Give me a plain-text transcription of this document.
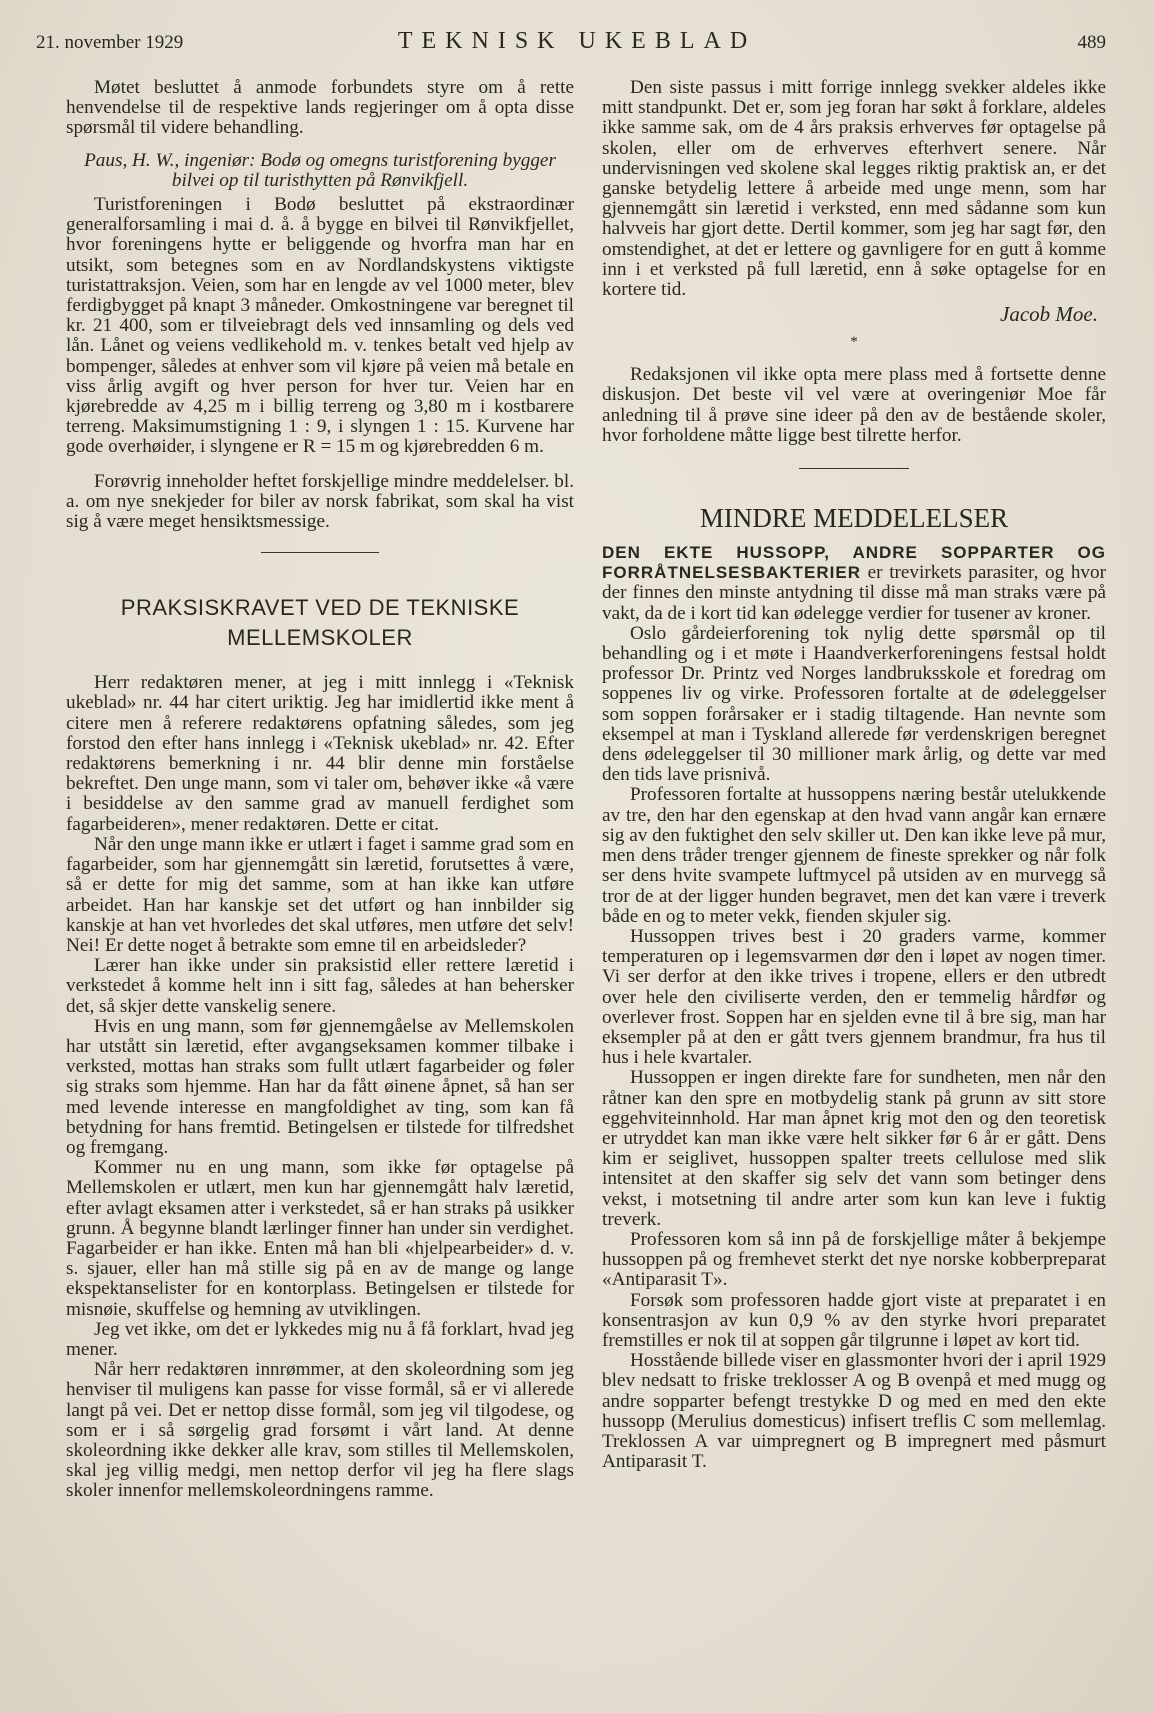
21. november 1929	TEKNISK UKEBLAD	489

Møtet besluttet å anmode forbundets styre om å rette henvendelse til de respektive lands regjeringer om å opta disse spørsmål til videre behandling.

Paus, H. W., ingeniør: Bodø og omegns turistforening bygger bilvei op til turisthytten på Rønvikfjell.

Turistforeningen i Bodø besluttet på ekstraordinær generalforsamling i mai d. å. å bygge en bilvei til Rønvikfjellet, hvor foreningens hytte er beliggende og hvorfra man har en utsikt, som betegnes som en av Nordlandskystens viktigste turistattraksjon. Veien, som har en lengde av vel 1000 meter, blev ferdigbygget på knapt 3 måneder. Omkostningene var beregnet til kr. 21 400, som er tilveiebragt dels ved innsamling og dels ved lån. Lånet og veiens vedlikehold m. v. tenkes betalt ved hjelp av bompenger, således at enhver som vil kjøre på veien må betale en viss årlig avgift og hver person for hver tur. Veien har en kjørebredde av 4,25 m i billig terreng og 3,80 m i kostbarere terreng. Maksimumstigning 1 : 9, i slyngen 1 : 15. Kurvene har gode overhøider, i slyngene er R = 15 m og kjørebredden 6 m.

Forøvrig inneholder heftet forskjellige mindre meddelelser. bl. a. om nye snekjeder for biler av norsk fabrikat, som skal ha vist sig å være meget hensiktsmessige.

PRAKSISKRAVET VED DE TEKNISKE MELLEMSKOLER

Herr redaktøren mener, at jeg i mitt innlegg i «Teknisk ukeblad» nr. 44 har citert uriktig. Jeg har imidlertid ikke ment å citere men å referere redaktørens opfatning således, som jeg forstod den efter hans innlegg i «Teknisk ukeblad» nr. 42. Efter redaktørens bemerkning i nr. 44 blir denne min forståelse bekreftet. Den unge mann, som vi taler om, behøver ikke «å være i besiddelse av den samme grad av manuell ferdighet som fagarbeideren», mener redaktøren. Dette er citat.

Når den unge mann ikke er utlært i faget i samme grad som en fagarbeider, som har gjennemgått sin læretid, forutsettes å være, så er dette for mig det samme, som at han ikke kan utføre arbeidet. Han har kanskje set det utført og han innbilder sig kanskje at han vet hvorledes det skal utføres, men utføre det selv! Nei! Er dette noget å betrakte som emne til en arbeidsleder?

Lærer han ikke under sin praksistid eller rettere læretid i verkstedet å komme helt inn i sitt fag, således at han behersker det, så skjer dette vanskelig senere.

Hvis en ung mann, som før gjennemgåelse av Mellemskolen har utstått sin læretid, efter avgangseksamen kommer tilbake i verksted, mottas han straks som fullt utlært fagarbeider og føler sig straks som hjemme. Han har da fått øinene åpnet, så han ser med levende interesse en mangfoldighet av ting, som kan få betydning for hans fremtid. Betingelsen er tilstede for tilfredshet og fremgang.

Kommer nu en ung mann, som ikke før optagelse på Mellemskolen er utlært, men kun har gjennemgått halv læretid, efter avlagt eksamen atter i verkstedet, så er han straks på usikker grunn. Å begynne blandt lærlinger finner han under sin verdighet. Fagarbeider er han ikke. Enten må han bli «hjelpearbeider» d. v. s. sjauer, eller han må stille sig på en av de mange og lange ekspektanselister for en kontorplass. Betingelsen er tilstede for misnøie, skuffelse og hemning av utviklingen.

Jeg vet ikke, om det er lykkedes mig nu å få forklart, hvad jeg mener.

Når herr redaktøren innrømmer, at den skoleordning som jeg henviser til muligens kan passe for visse formål, så er vi allerede langt på vei. Det er nettop disse formål, som jeg vil tilgodese, og som er i så sørgelig grad forsømt i vårt land. At denne skoleordning ikke dekker alle krav, som stilles til Mellemskolen, skal jeg villig medgi, men nettop derfor vil jeg ha flere slags skoler innenfor mellemskoleordningens ramme.

Den siste passus i mitt forrige innlegg svekker aldeles ikke mitt standpunkt. Det er, som jeg foran har søkt å forklare, aldeles ikke samme sak, om de 4 års praksis erhverves før optagelse på skolen, eller om de erhverves efterhvert senere. Når undervisningen ved skolene skal legges riktig praktisk an, er det ganske betydelig lettere å arbeide med unge menn, som har gjennemgått sin læretid i verksted, enn med sådanne som kun halvveis har gjort dette. Dertil kommer, som jeg har sagt før, den omstendighet, at det er lettere og gavnligere for en gutt å komme inn i et verksted på full læretid, enn å søke optagelse for en kortere tid.

Jacob Moe.

*

Redaksjonen vil ikke opta mere plass med å fortsette denne diskusjon. Det beste vil vel være at overingeniør Moe får anledning til å prøve sine ideer på den av de bestående skoler, hvor forholdene måtte ligge best tilrette herfor.

MINDRE MEDDELELSER

DEN EKTE HUSSOPP, ANDRE SOPPARTER OG FORRÅTNELSESBAKTERIER er trevirkets parasiter, og hvor der finnes den minste antydning til disse må man straks være på vakt, da de i kort tid kan ødelegge verdier for tusener av kroner.

Oslo gårdeierforening tok nylig dette spørsmål op til behandling og i et møte i Haandverkerforeningens festsal holdt professor Dr. Printz ved Norges landbruksskole et foredrag om soppenes liv og virke. Professoren fortalte at de ødeleggelser som soppen forårsaker er i stadig tiltagende. Han nevnte som eksempel at man i Tyskland allerede før verdenskrigen beregnet dens ødeleggelser til 30 millioner mark årlig, og dette var med den tids lave prisnivå.

Professoren fortalte at hussoppens næring består utelukkende av tre, den har den egenskap at den hvad vann angår kan ernære sig av den fuktighet den selv skiller ut. Den kan ikke leve på mur, men dens tråder trenger gjennem de fineste sprekker og når folk ser dens hvite svampete luftmycel på utsiden av en murvegg så tror de at der ligger hunden begravet, men det kan være i treverk både en og to meter vekk, fienden skjuler sig.

Hussoppen trives best i 20 graders varme, kommer temperaturen op i legemsvarmen dør den i løpet av nogen timer. Vi ser derfor at den ikke trives i tropene, ellers er den utbredt over hele den civiliserte verden, den er temmelig hårdfør og overlever frost. Soppen har en sjelden evne til å bre sig, man har eksempler på at den er gått tvers gjennem brandmur, fra hus til hus i hele kvartaler.

Hussoppen er ingen direkte fare for sundheten, men når den råtner kan den spre en motbydelig stank på grunn av sitt store eggehviteinnhold. Har man åpnet krig mot den og den teoretisk er utryddet kan man ikke være helt sikker før 6 år er gått. Dens kim er seiglivet, hussoppen spalter treets cellulose med slik intensitet at den skaffer sig selv det vann som betinger dens vekst, i motsetning til andre arter som kun kan leve i fuktig treverk.

Professoren kom så inn på de forskjellige måter å bekjempe hussoppen på og fremhevet sterkt det nye norske kobberpreparat «Antiparasit T».

Forsøk som professoren hadde gjort viste at preparatet i en konsentrasjon av kun 0,9 % av den styrke hvori preparatet fremstilles er nok til at soppen går tilgrunne i løpet av kort tid.

Hosstående billede viser en glassmonter hvori der i april 1929 blev nedsatt to friske treklosser A og B ovenpå et med mugg og andre sopparter befengt trestykke D og med en med den ekte hussopp (Merulius domesticus) infisert treflis C som mellemlag. Treklossen A var uimpregnert og B impregnert med påsmurt Antiparasit T.
